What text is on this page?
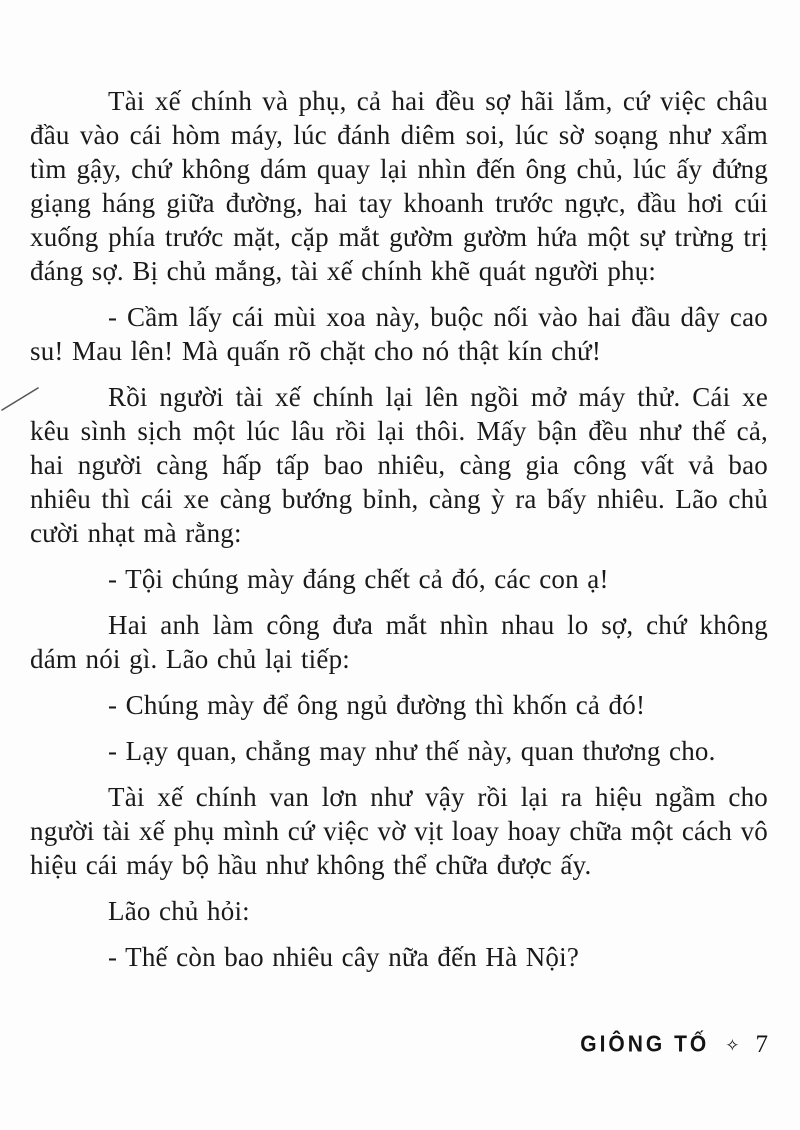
Tài xế chính và phụ, cả hai đều sợ hãi lắm, cứ việc châu đầu vào cái hòm máy, lúc đánh diêm soi, lúc sờ soạng như xẩm tìm gậy, chứ không dám quay lại nhìn đến ông chủ, lúc ấy đứng giạng háng giữa đường, hai tay khoanh trước ngực, đầu hơi cúi xuống phía trước mặt, cặp mắt gườm gườm hứa một sự trừng trị đáng sợ. Bị chủ mắng, tài xế chính khẽ quát người phụ:

- Cầm lấy cái mùi xoa này, buộc nối vào hai đầu dây cao su! Mau lên! Mà quấn rõ chặt cho nó thật kín chứ!

Rồi người tài xế chính lại lên ngồi mở máy thử. Cái xe kêu sình sịch một lúc lâu rồi lại thôi. Mấy bận đều như thế cả, hai người càng hấp tấp bao nhiêu, càng gia công vất vả bao nhiêu thì cái xe càng bướng bỉnh, càng ỳ ra bấy nhiêu. Lão chủ cười nhạt mà rằng:

- Tội chúng mày đáng chết cả đó, các con ạ!

Hai anh làm công đưa mắt nhìn nhau lo sợ, chứ không dám nói gì. Lão chủ lại tiếp:

- Chúng mày để ông ngủ đường thì khốn cả đó!

- Lạy quan, chẳng may như thế này, quan thương cho.

Tài xế chính van lơn như vậy rồi lại ra hiệu ngầm cho người tài xế phụ mình cứ việc vờ vịt loay hoay chữa một cách vô hiệu cái máy bộ hầu như không thể chữa được ấy.

Lão chủ hỏi:

- Thế còn bao nhiêu cây nữa đến Hà Nội?

GIÔNG TỐ ✧ 7
